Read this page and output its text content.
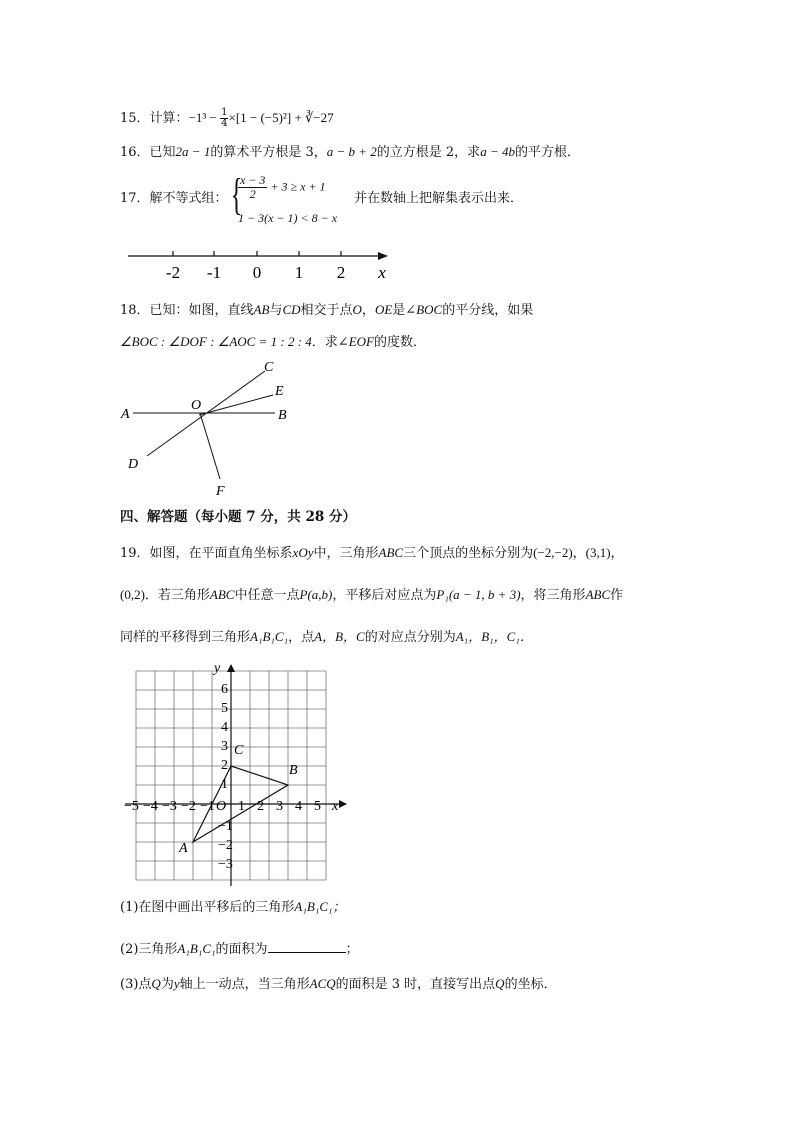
15．计算：$-1^3 - \frac{1}{4} \times[1 - (-5)^2]$ + ∛−27
16．已知2a − 1的算术平方根是 3，a − b + 2的立方根是 2，求a − 4b的平方根．
17．解不等式组： {
$\frac{x - 3}{2} + 3 \ge x + 1$
1 − 3(x − 1) < 8 − x
并在数轴上把解集表示出来．
-2 -1 0 1 2 x
18．已知：如图，直线AB与CD相交于点O，OE是∠BOC的平分线，如果
∠BOC : ∠DOF : ∠AOC = 1 : 2 : 4．求∠EOF的度数．
A	B
C
D
E
F
O
四、解答题（每小题 7 分，共 28 分）
19．如图，在平面直角坐标系xOy中，三角形ABC三个顶点的坐标分别为(−2,−2)，(3,1)，
(0,2)．若三角形ABC中任意一点P(a,b)，平移后对应点为P₁(a − 1, b + 3)，将三角形ABC作
同样的平移得到三角形A₁B₁C₁，点A，B，C的对应点分别为A₁，B₁，C₁．
x
y
O
−5 −4 −3 −2 −1 1 2 3 4 5
6
5
4
3
2
1
−1
−2
−3
A
B
C
(1)在图中画出平移后的三角形A₁B₁C₁；
(2)三角形A₁B₁C₁的面积为	；
(3)点Q为y轴上一动点，当三角形ACQ的面积是 3 时，直接写出点Q的坐标．
